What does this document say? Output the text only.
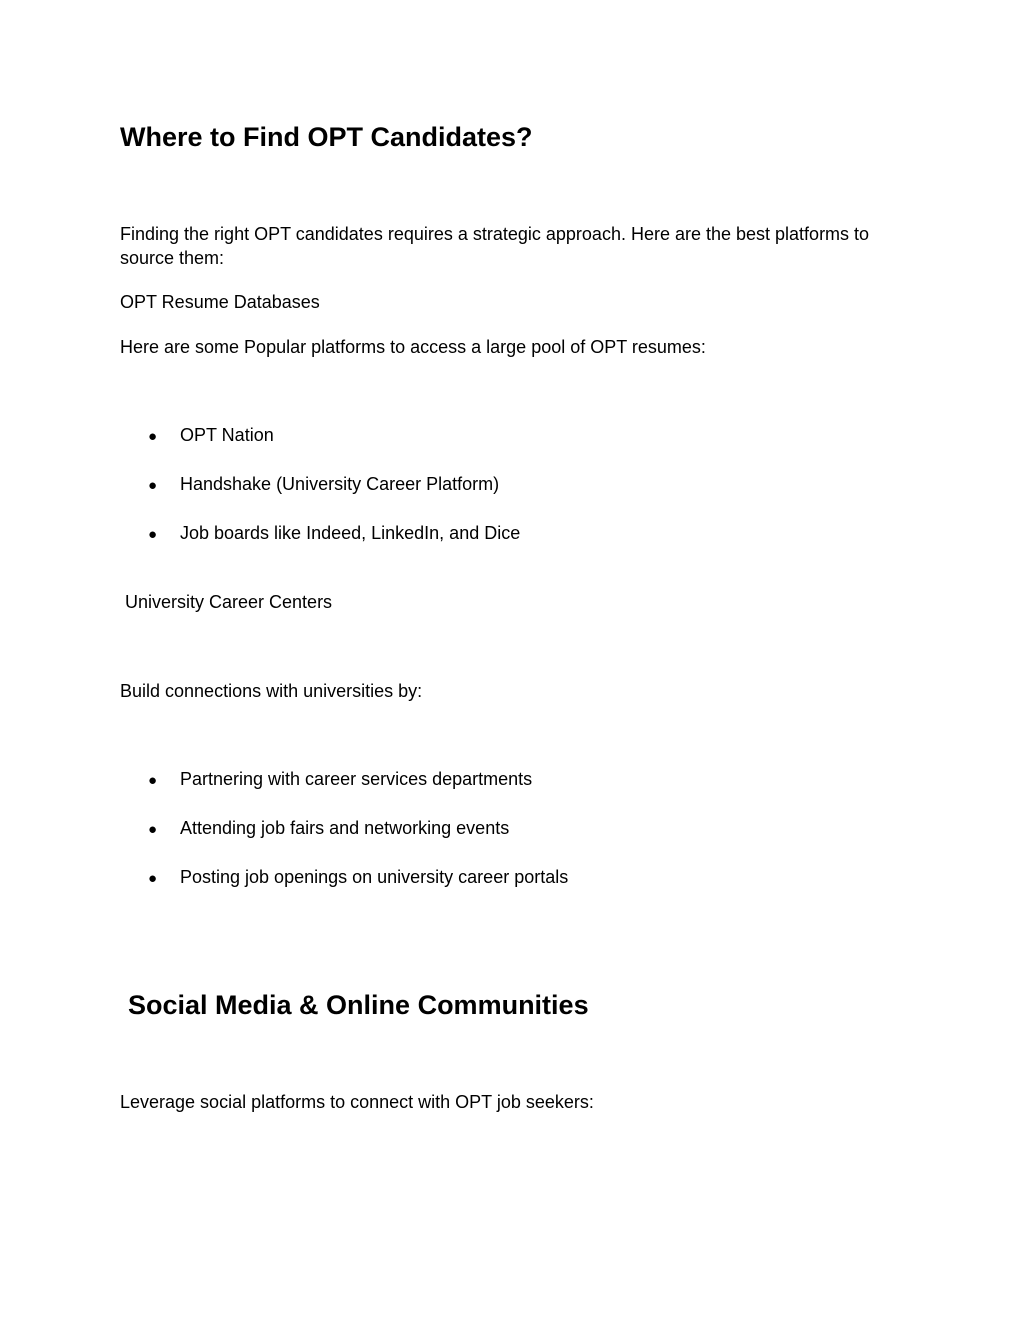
Where to Find OPT Candidates?

Finding the right OPT candidates requires a strategic approach. Here are the best platforms to source them:

OPT Resume Databases

Here are some Popular platforms to access a large pool of OPT resumes:

● OPT Nation
● Handshake (University Career Platform)
● Job boards like Indeed, LinkedIn, and Dice

University Career Centers

Build connections with universities by:

● Partnering with career services departments
● Attending job fairs and networking events
● Posting job openings on university career portals
Social Media & Online Communities

Leverage social platforms to connect with OPT job seekers:
